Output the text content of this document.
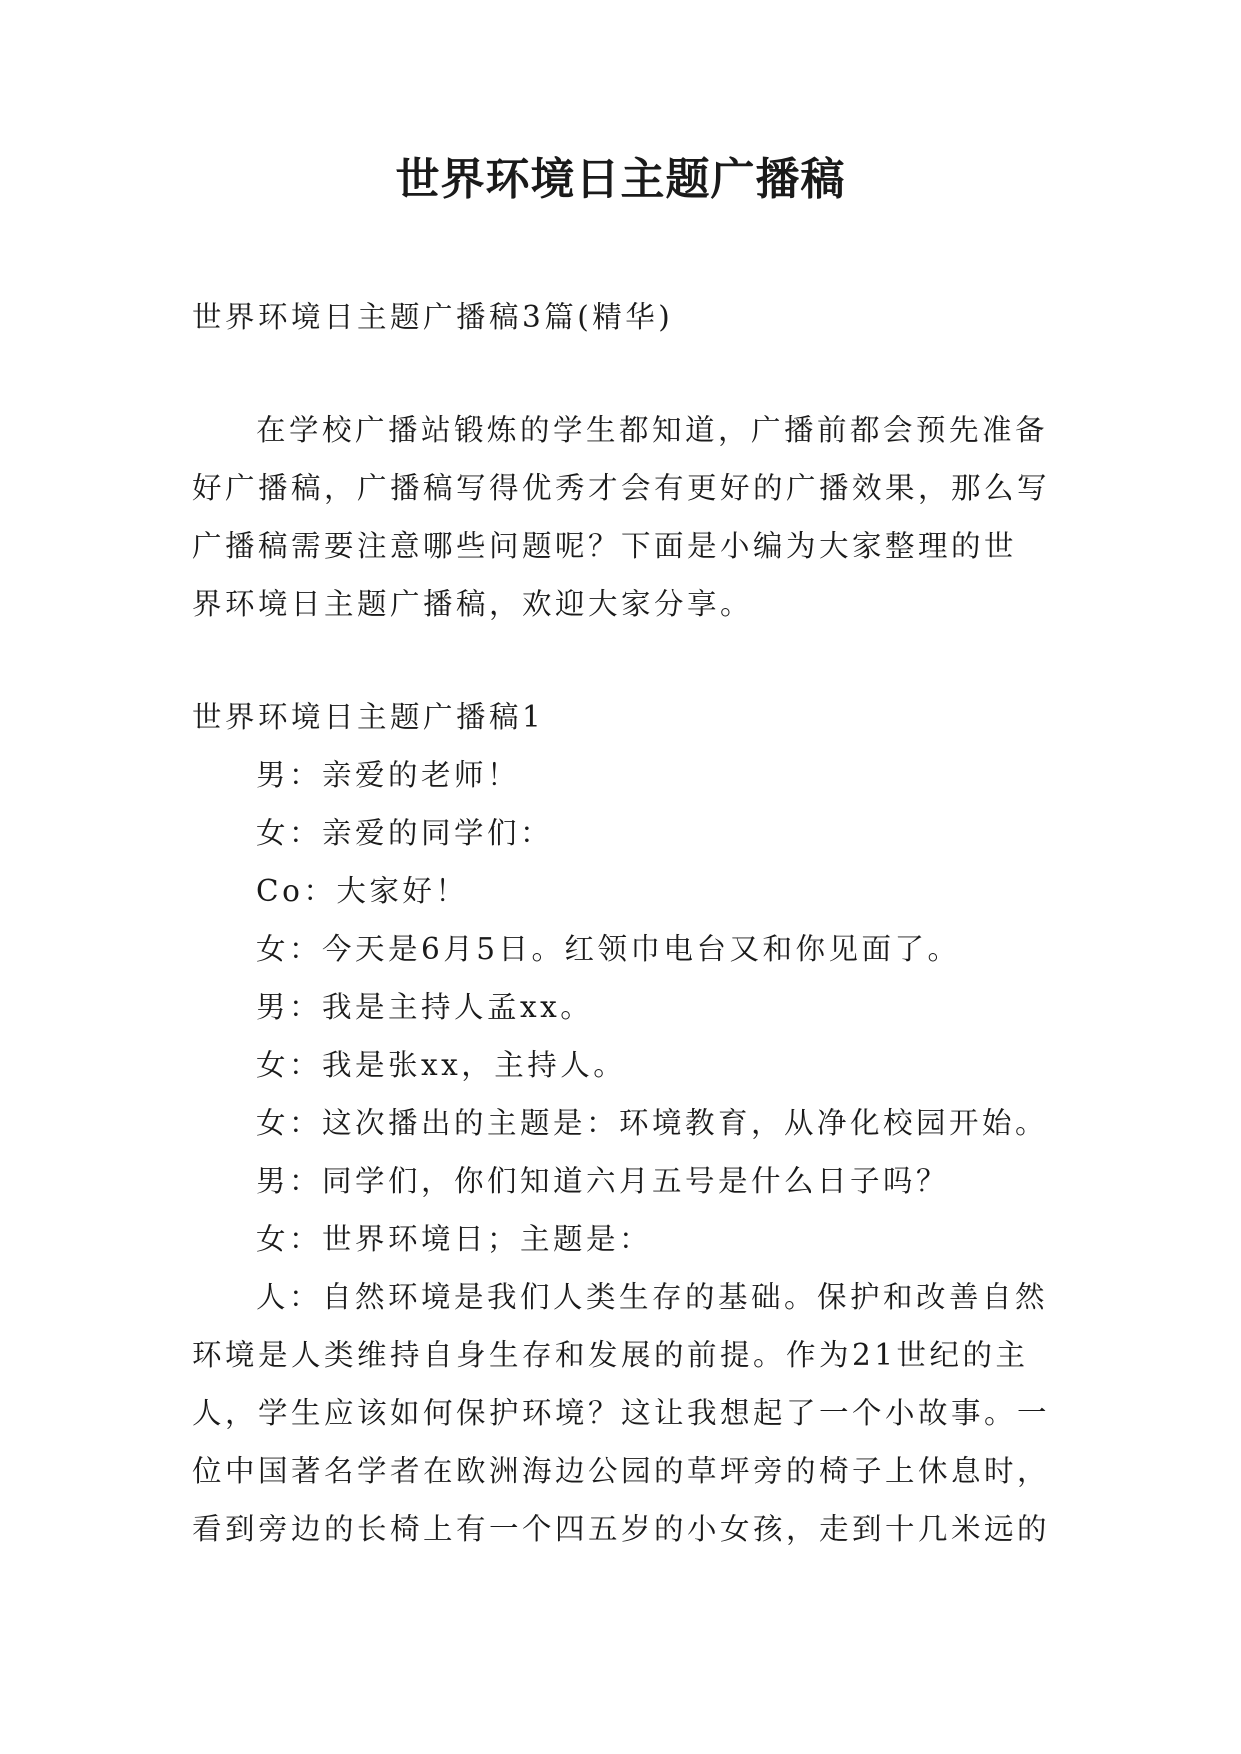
世界环境日主题广播稿

世界环境日主题广播稿3篇(精华)

在学校广播站锻炼的学生都知道，广播前都会预先准备

好广播稿，广播稿写得优秀才会有更好的广播效果，那么写

广播稿需要注意哪些问题呢？下面是小编为大家整理的世

界环境日主题广播稿，欢迎大家分享。

世界环境日主题广播稿1

男：亲爱的老师！

女：亲爱的同学们：

Co：大家好！

女：今天是6月5日。红领巾电台又和你见面了。

男：我是主持人孟xx。

女：我是张xx，主持人。

女：这次播出的主题是：环境教育，从净化校园开始。

男：同学们，你们知道六月五号是什么日子吗？

女：世界环境日；主题是：

人：自然环境是我们人类生存的基础。保护和改善自然

环境是人类维持自身生存和发展的前提。作为21世纪的主

人，学生应该如何保护环境？这让我想起了一个小故事。一

位中国著名学者在欧洲海边公园的草坪旁的椅子上休息时，

看到旁边的长椅上有一个四五岁的小女孩，走到十几米远的
